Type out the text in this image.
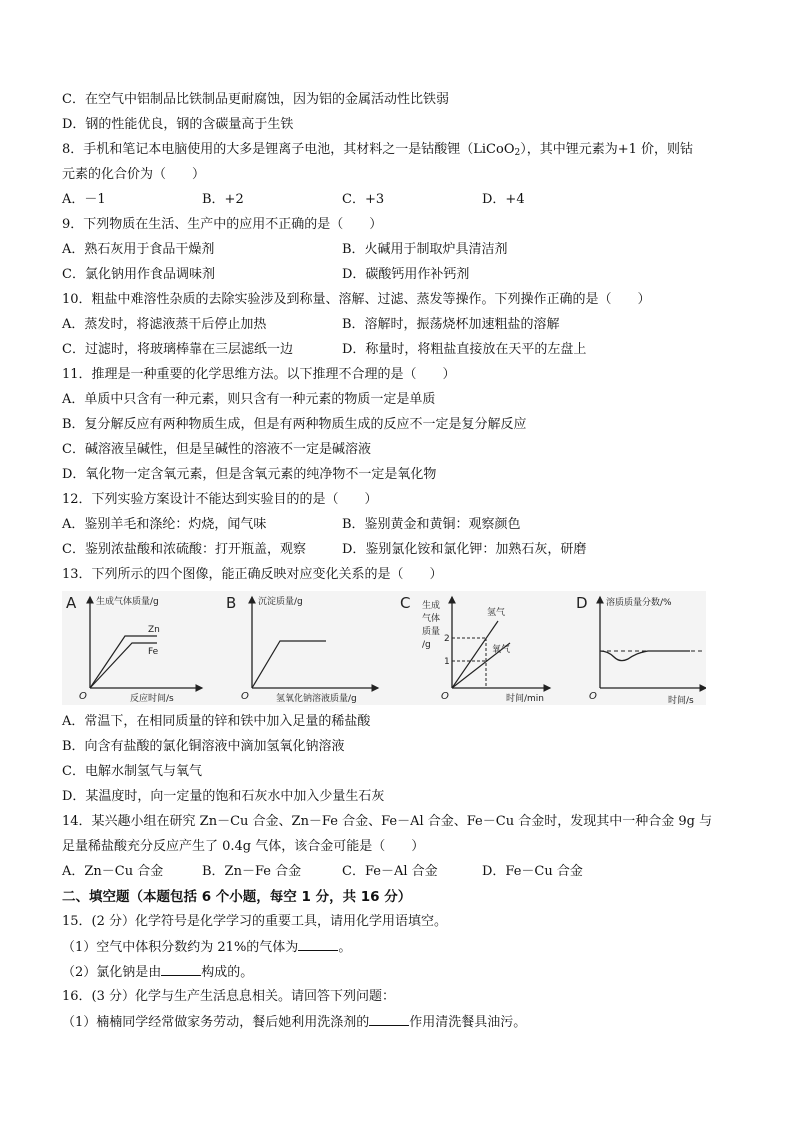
C．在空气中铝制品比铁制品更耐腐蚀，因为铝的金属活动性比铁弱
D．钢的性能优良，钢的含碳量高于生铁
8．手机和笔记本电脑使用的大多是锂离子电池，其材料之一是钴酸锂（LiCoO$_2$），其中锂元素为+1 价，则钴
元素的化合价为（　　）
A．－1	B．+2	C．+3	D．+4
9．下列物质在生活、生产中的应用不正确的是（　　）
A．熟石灰用于食品干燥剂	B．火碱用于制取炉具清洁剂
C．氯化钠用作食品调味剂	D．碳酸钙用作补钙剂
10．粗盐中难溶性杂质的去除实验涉及到称量、溶解、过滤、蒸发等操作。下列操作正确的是（　　）
A．蒸发时，将滤液蒸干后停止加热	B．溶解时，振荡烧杯加速粗盐的溶解
C．过滤时，将玻璃棒靠在三层滤纸一边	D．称量时，将粗盐直接放在天平的左盘上
11．推理是一种重要的化学思维方法。以下推理不合理的是（　　）
A．单质中只含有一种元素，则只含有一种元素的物质一定是单质
B．复分解反应有两种物质生成，但是有两种物质生成的反应不一定是复分解反应
C．碱溶液呈碱性，但是呈碱性的溶液不一定是碱溶液
D．氧化物一定含氧元素，但是含氧元素的纯净物不一定是氧化物
12．下列实验方案设计不能达到实验目的的是（　　）
A．鉴别羊毛和涤纶：灼烧，闻气味	B．鉴别黄金和黄铜：观察颜色
C．鉴别浓盐酸和浓硫酸：打开瓶盖，观察	D．鉴别氯化铵和氯化钾：加熟石灰，研磨
13．下列所示的四个图像，能正确反映对应变化关系的是（　　）
A 生成气体质量/g
反应时间/s
O
Zn
Fe
B 沉淀质量/g
氢氧化钠溶液质量/g
O
C 生成
气体
质量
/g
时间/min
O
2
1
氢气
氧气
D 溶质质量分数/%
时间/s
O
A．常温下，在相同质量的锌和铁中加入足量的稀盐酸
B．向含有盐酸的氯化铜溶液中滴加氢氧化钠溶液
C．电解水制氢气与氧气
D．某温度时，向一定量的饱和石灰水中加入少量生石灰
14．某兴趣小组在研究 Zn－Cu 合金、Zn－Fe 合金、Fe－Al 合金、Fe－Cu 合金时，发现其中一种合金 9g 与
足量稀盐酸充分反应产生了 0.4g 气体，该合金可能是（　　）
A．Zn－Cu 合金	B．Zn－Fe 合金	C．Fe－Al 合金	D．Fe－Cu 合金
二、填空题（本题包括 6 个小题，每空 1 分，共 16 分）
15．(2 分）化学符号是化学学习的重要工具，请用化学用语填空。
（1）空气中体积分数约为 21%的气体为	。
（2）氯化钠是由	构成的。
16．(3 分）化学与生产生活息息相关。请回答下列问题：
（1）楠楠同学经常做家务劳动，餐后她利用洗涤剂的	作用清洗餐具油污。
